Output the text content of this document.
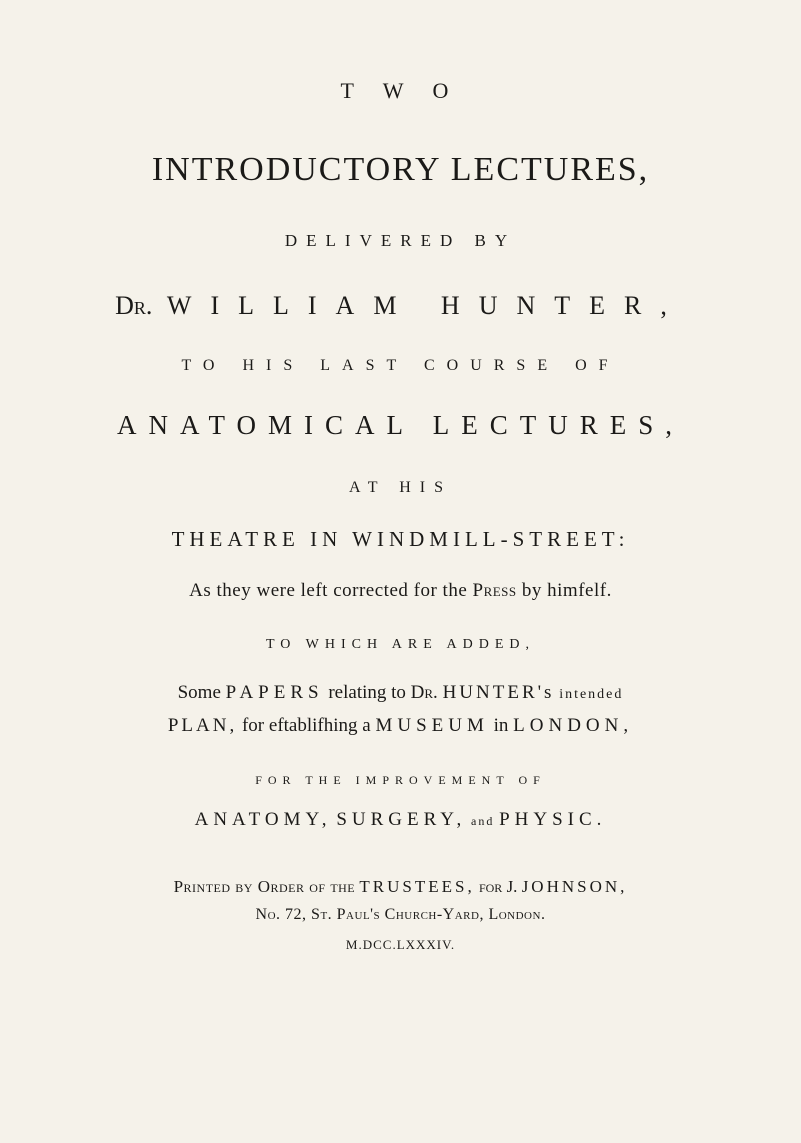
T W O
INTRODUCTORY LECTURES,
DELIVERED BY
Dr. WILLIAM HUNTER,
TO HIS LAST COURSE OF
ANATOMICAL LECTURES,
AT HIS
THEATRE IN WINDMILL-STREET:
As they were left corrected for the Press by himfelf.
TO WHICH ARE ADDED,
Some PAPERS relating to Dr. HUNTER's intended
PLAN, for eftablifhing a MUSEUM in LONDON,
FOR THE IMPROVEMENT OF
ANATOMY, SURGERY, and PHYSIC.
Printed by Order of the TRUSTEES, for J. JOHNSON,
No. 72, St. Paul's Church-Yard, London.
M.DCC.LXXXIV.
